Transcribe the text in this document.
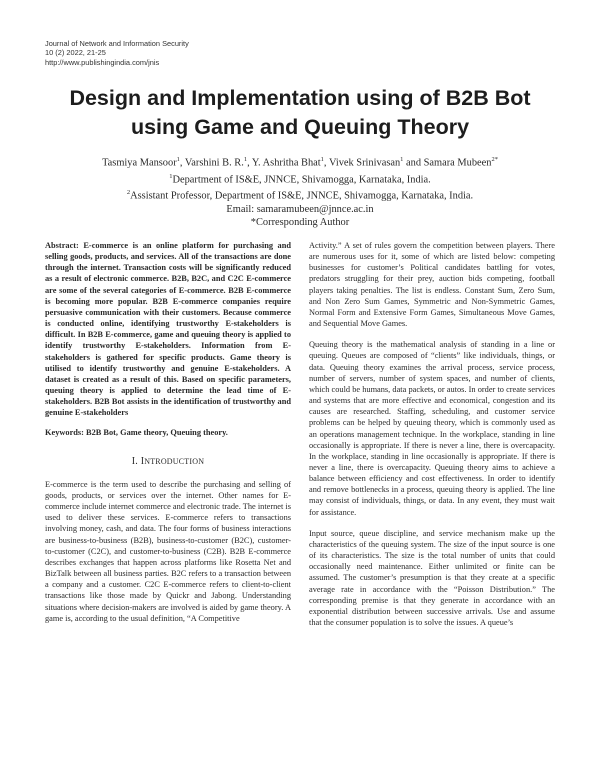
Journal of Network and Information Security
10 (2) 2022, 21-25
http://www.publishingindia.com/jnis
Design and Implementation using of B2B Bot
using Game and Queuing Theory
Tasmiya Mansoor$^1$, Varshini B. R.$^1$, Y. Ashritha Bhat$^1$, Vivek Srinivasan$^1$ and Samara Mubeen$^{2*}$
$^1$Department of IS&E, JNNCE, Shivamogga, Karnataka, India.
$^2$Assistant Professor, Department of IS&E, JNNCE, Shivamogga, Karnataka, India.
Email: samaramubeen@jnnce.ac.in
*Corresponding Author

Abstract: E-commerce is an online platform for purchasing and selling goods, products, and services. All of the transactions are done through the internet. Transaction costs will be significantly reduced as a result of electronic commerce. B2B, B2C, and C2C E-commerce are some of the several categories of E-commerce. B2B E-commerce is becoming more popular. B2B E-commerce companies require persuasive communication with their customers. Because commerce is conducted online, identifying trustworthy E-stakeholders is difficult. In B2B E-commerce, game and queuing theory is applied to identify trustworthy E-stakeholders. Information from E-stakeholders is gathered for specific products. Game theory is utilised to identify trustworthy and genuine E-stakeholders. A dataset is created as a result of this. Based on specific parameters, queuing theory is applied to determine the lead time of E-stakeholders. B2B Bot assists in the identification of trustworthy and genuine E-stakeholders

Keywords: B2B Bot, Game theory, Queuing theory.

I. INTRODUCTION

E-commerce is the term used to describe the purchasing and selling of goods, products, or services over the internet. Other names for E-commerce include internet commerce and electronic trade. The internet is used to deliver these services. E-commerce refers to transactions involving money, cash, and data. The four forms of business interactions are business-to-business (B2B), business-to-customer (B2C), customer-to-customer (C2C), and customer-to-business (C2B). B2B E-commerce describes exchanges that happen across platforms like Rosetta Net and BizTalk between all business parties. B2C refers to a transaction between a company and a customer. C2C E-commerce refers to client-to-client transactions like those made by Quickr and Jabong. Understanding situations where decision-makers are involved is aided by game theory. A game is, according to the usual definition, “A Competitive

Activity.” A set of rules govern the competition between players. There are numerous uses for it, some of which are listed below: competing businesses for customer’s Political candidates battling for votes, predators struggling for their prey, auction bids competing, football players taking penalties. The list is endless. Constant Sum, Zero Sum, and Non Zero Sum Games, Symmetric and Non-Symmetric Games, Normal Form and Extensive Form Games, Simultaneous Move Games, and Sequential Move Games.

Queuing theory is the mathematical analysis of standing in a line or queuing. Queues are composed of “clients” like individuals, things, or data. Queuing theory examines the arrival process, service process, number of servers, number of system spaces, and number of clients, which could be humans, data packets, or autos. In order to create services and systems that are more effective and economical, congestion and its causes are researched. Staffing, scheduling, and customer service problems can be helped by queuing theory, which is commonly used as an operations management technique. In the workplace, standing in line occasionally is appropriate. If there is never a line, there is overcapacity. In the workplace, standing in line occasionally is appropriate. If there is never a line, there is overcapacity. Queuing theory aims to achieve a balance between efficiency and cost effectiveness. In order to identify and remove bottlenecks in a process, queuing theory is applied. The line may consist of individuals, things, or data. In any event, they must wait for assistance.

Input source, queue discipline, and service mechanism make up the characteristics of the queuing system. The size of the input source is one of its characteristics. The size is the total number of units that could occasionally need maintenance. Either unlimited or finite can be assumed. The customer’s presumption is that they create at a specific average rate in accordance with the “Poisson Distribution.” The corresponding premise is that they generate in accordance with an exponential distribution between successive arrivals. Use and assume that the consumer population is to solve the issues. A queue’s
